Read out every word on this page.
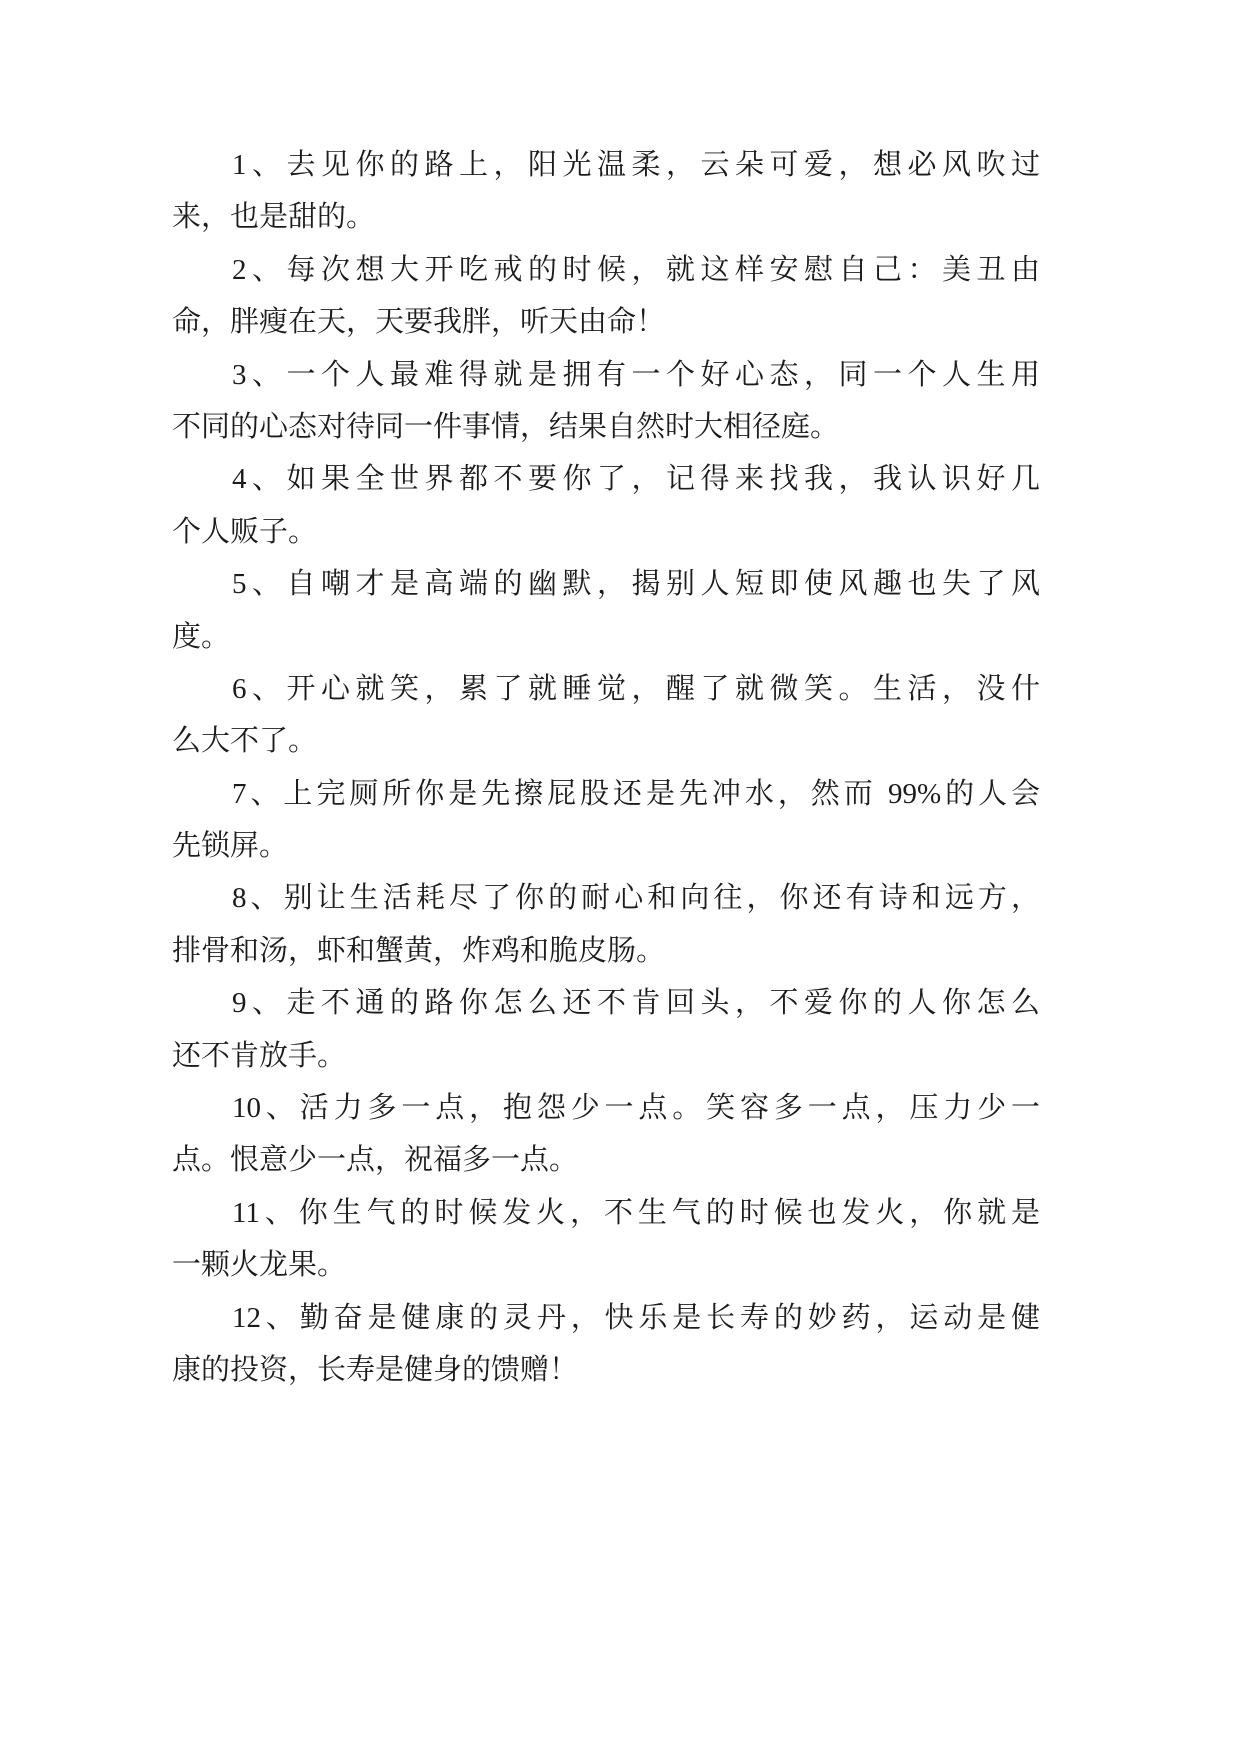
1、去见你的路上，阳光温柔，云朵可爱，想必风吹过
来，也是甜的。
2、每次想大开吃戒的时候，就这样安慰自己：美丑由
命，胖瘦在天，天要我胖，听天由命！
3、一个人最难得就是拥有一个好心态，同一个人生用
不同的心态对待同一件事情，结果自然时大相径庭。
4、如果全世界都不要你了，记得来找我，我认识好几
个人贩子。
5、自嘲才是高端的幽默，揭别人短即使风趣也失了风
度。
6、开心就笑，累了就睡觉，醒了就微笑。生活，没什
么大不了。
7、上完厕所你是先擦屁股还是先冲水，然而 99%的人会
先锁屏。
8、别让生活耗尽了你的耐心和向往，你还有诗和远方，
排骨和汤，虾和蟹黄，炸鸡和脆皮肠。
9、走不通的路你怎么还不肯回头，不爱你的人你怎么
还不肯放手。
10、活力多一点，抱怨少一点。笑容多一点，压力少一
点。恨意少一点，祝福多一点。
11、你生气的时候发火，不生气的时候也发火，你就是
一颗火龙果。
12、勤奋是健康的灵丹，快乐是长寿的妙药，运动是健
康的投资，长寿是健身的馈赠！
